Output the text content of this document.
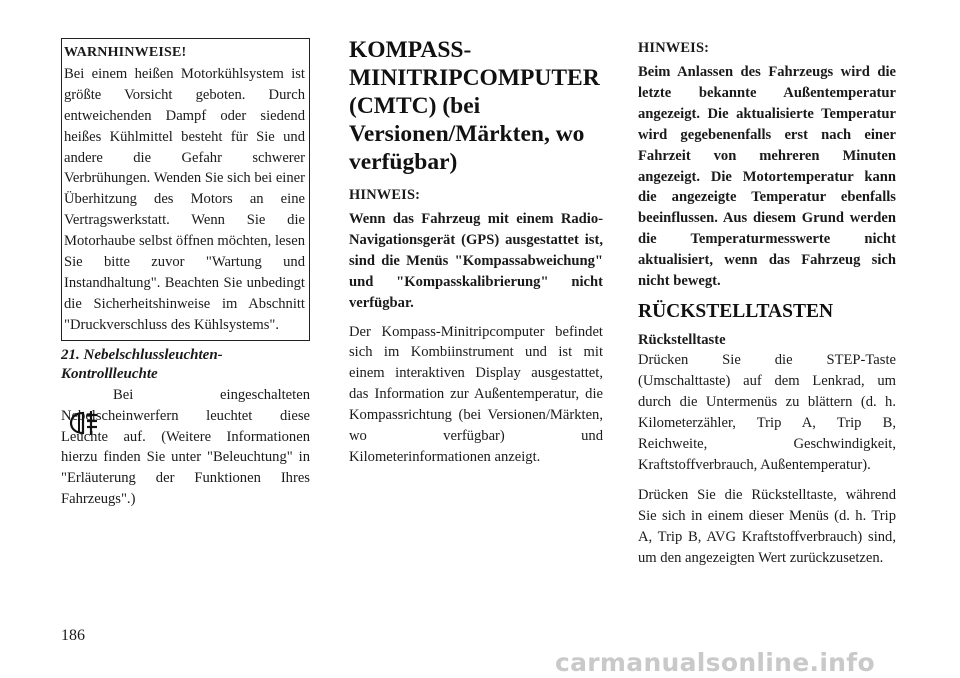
WARNHINWEISE!
Bei einem heißen Motorkühlsystem ist größte Vorsicht geboten. Durch entweichenden Dampf oder siedend heißes Kühlmittel besteht für Sie und andere die Gefahr schwerer Verbrühungen. Wenden Sie sich bei einer Überhitzung des Motors an eine Vertragswerkstatt. Wenn Sie die Motorhaube selbst öffnen möchten, lesen Sie bitte zuvor "Wartung und Instandhaltung". Beachten Sie unbedingt die Sicherheitshinweise im Abschnitt "Druckverschluss des Kühlsystems".
21. Nebelschlussleuchten-Kontrollleuchte
Bei eingeschalteten Nebelscheinwerfern leuchtet diese Leuchte auf. (Weitere Informationen hierzu finden Sie unter "Beleuchtung" in "Erläuterung der Funktionen Ihres Fahrzeugs".)
KOMPASS-MINITRIPCOMPUTER (CMTC) (bei Versionen/Märkten, wo verfügbar)
HINWEIS:
Wenn das Fahrzeug mit einem Radio-Navigationsgerät (GPS) ausgestattet ist, sind die Menüs "Kompassabweichung" und "Kompasskalibrierung" nicht verfügbar.
Der Kompass-Minitripcomputer befindet sich im Kombiinstrument und ist mit einem interaktiven Display ausgestattet, das Information zur Außentemperatur, die Kompassrichtung (bei Versionen/Märkten, wo verfügbar) und Kilometerinformationen anzeigt.
HINWEIS:
Beim Anlassen des Fahrzeugs wird die letzte bekannte Außentemperatur angezeigt. Die aktualisierte Temperatur wird gegebenenfalls erst nach einer Fahrzeit von mehreren Minuten angezeigt. Die Motortemperatur kann die angezeigte Temperatur ebenfalls beeinflussen. Aus diesem Grund werden die Temperaturmesswerte nicht aktualisiert, wenn das Fahrzeug sich nicht bewegt.
RÜCKSTELLTASTEN
Rückstelltaste
Drücken Sie die STEP-Taste (Umschalttaste) auf dem Lenkrad, um durch die Untermenüs zu blättern (d. h. Kilometerzähler, Trip A, Trip B, Reichweite, Geschwindigkeit, Kraftstoffverbrauch, Außentemperatur).
Drücken Sie die Rückstelltaste, während Sie sich in einem dieser Menüs (d. h. Trip A, Trip B, AVG Kraftstoffverbrauch) sind, um den angezeigten Wert zurückzusetzen.
186
carmanualsonline.info
